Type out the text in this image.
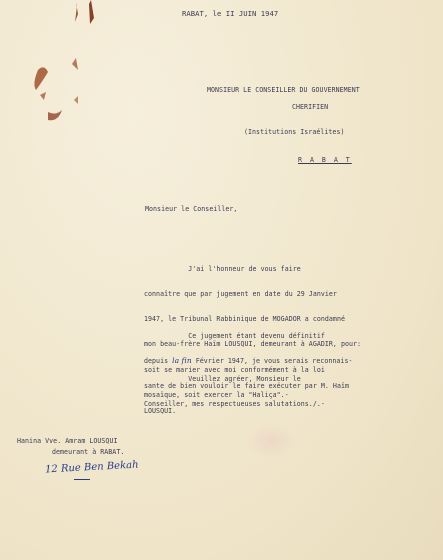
RABAT, le II JUIN 1947
MONSIEUR LE CONSEILLER DU GOUVERNEMENT
CHERIFIEN
(Institutions Israélites)
R A B A T
Monsieur le Conseiller,

J'ai l'honneur de vous faire

connaître que par jugement en date du 29 Janvier

1947, le Tribunal Rabbinique de MOGADOR a condamné

mon beau-frère Haïm LOUSQUI, demeurant à AGADIR, pour:

soit se marier avec moi conformément à la loi

mosaïque, soit exercer la "Haliça".-

Ce jugement étant devenu définitif

depuis la fin Février 1947, je vous serais reconnais-

sante de bien vouloir le faire exécuter par M. Haïm

LOUSQUI.

Veuillez agréer, Monsieur le

Conseiller, mes respectueuses salutations./.-

Hanina Vve. Amram LOUSQUI
demeurant à RABAT.
12 Rue Ben Bekah
